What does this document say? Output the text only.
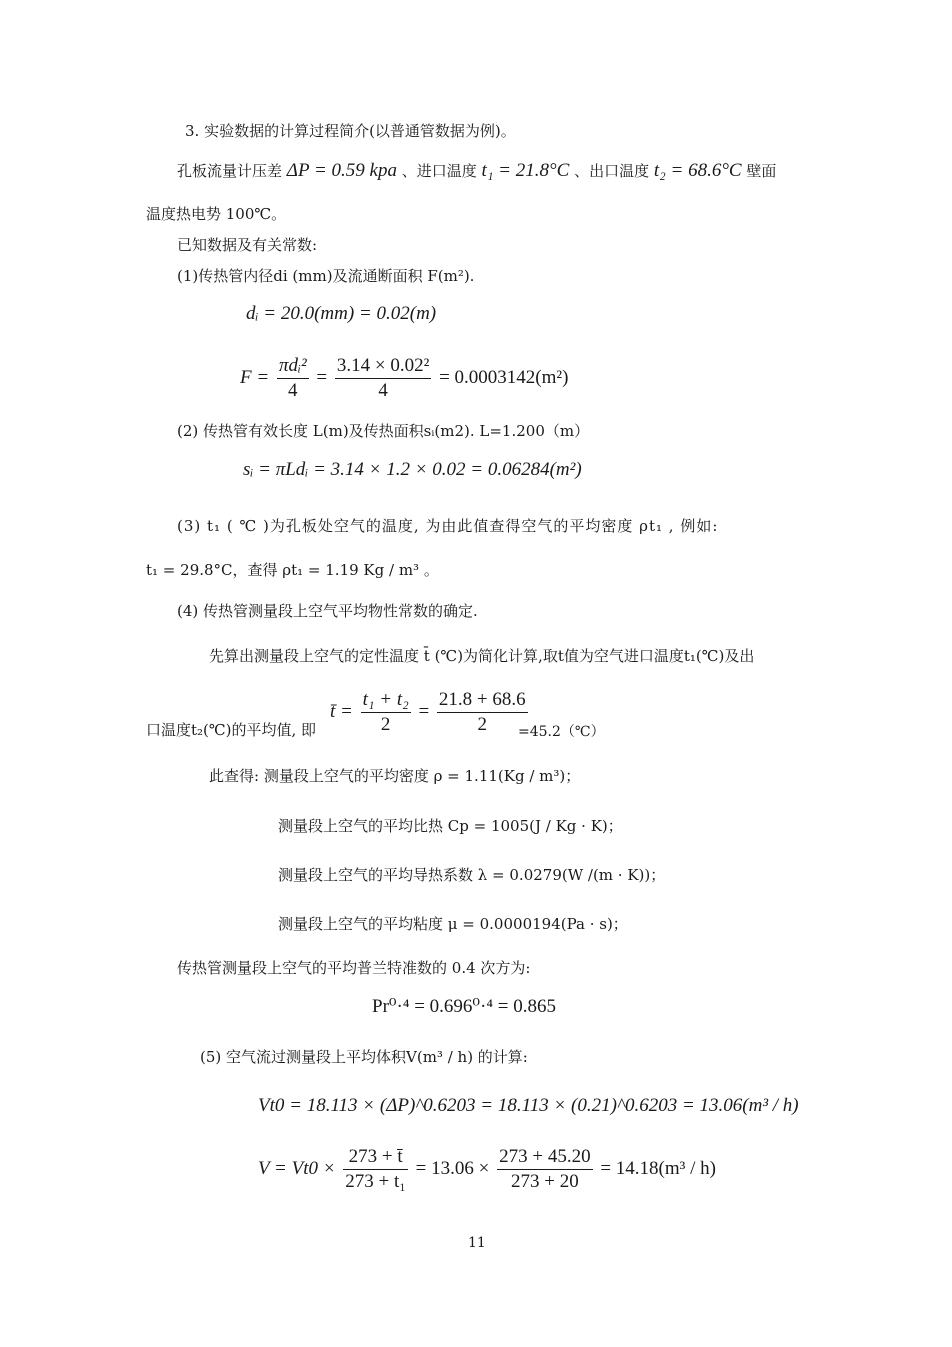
3. 实验数据的计算过程简介(以普通管数据为例)。
孔板流量计压差 ΔP = 0.59 kpa 、进口温度 t₁ = 21.8°C 、出口温度 t₂ = 68.6°C 壁面
温度热电势 100℃。
已知数据及有关常数:
(1)传热管内径di (mm)及流通断面积 F(m²).
dᵢ = 20.0(mm) = 0.02(m)
$F = \frac{\text{πdᵢ²}}{4} = \frac{\text{3.14 × 0.02²}}{4} = 0.0003142(m^2)$
(2) 传热管有效长度 L(m)及传热面积sᵢ(m2). L=1.200（m）
sᵢ = πLdᵢ = 3.14 × 1.2 × 0.02 = 0.06284(m²)
(3) t₁ ( ℃ )为孔板处空气的温度, 为由此值查得空气的平均密度 ρt₁ , 例如:
t₁ = 29.8°C，查得 ρt₁ = 1.19 Kg / m³ 。
(4) 传热管测量段上空气平均物性常数的确定.
先算出测量段上空气的定性温度 t̄ (℃)为简化计算,取t值为空气进口温度t₁(℃)及出
口温度t₂(℃)的平均值, 即
t̄ = $\frac{\text{t₁ + t₂}}{2} = \frac{21.8 + 68.6}{2}$
=45.2（℃）
此查得: 测量段上空气的平均密度 ρ = 1.11(Kg / m³)；
测量段上空气的平均比热 Cp = 1005(J / Kg · K)；
测量段上空气的平均导热系数 λ = 0.0279(W /(m · K))；
测量段上空气的平均粘度 μ = 0.0000194(Pa · s)；
传热管测量段上空气的平均普兰特准数的 0.4 次方为:
Pr⁰·⁴ = 0.696⁰·⁴ = 0.865
(5) 空气流过测量段上平均体积V(m³ / h) 的计算:
Vt0 = 18.113 × (ΔP)^0.6203 = 18.113 × (0.21)^0.6203 = 13.06(m³ / h)
$V = Vt0 \times \frac{273 + t̄}{\text{273 + t₁}} = 13.06 \times \frac{273 + 45.20}{273 + 20} = 14.18(m^3 / h)$
11
